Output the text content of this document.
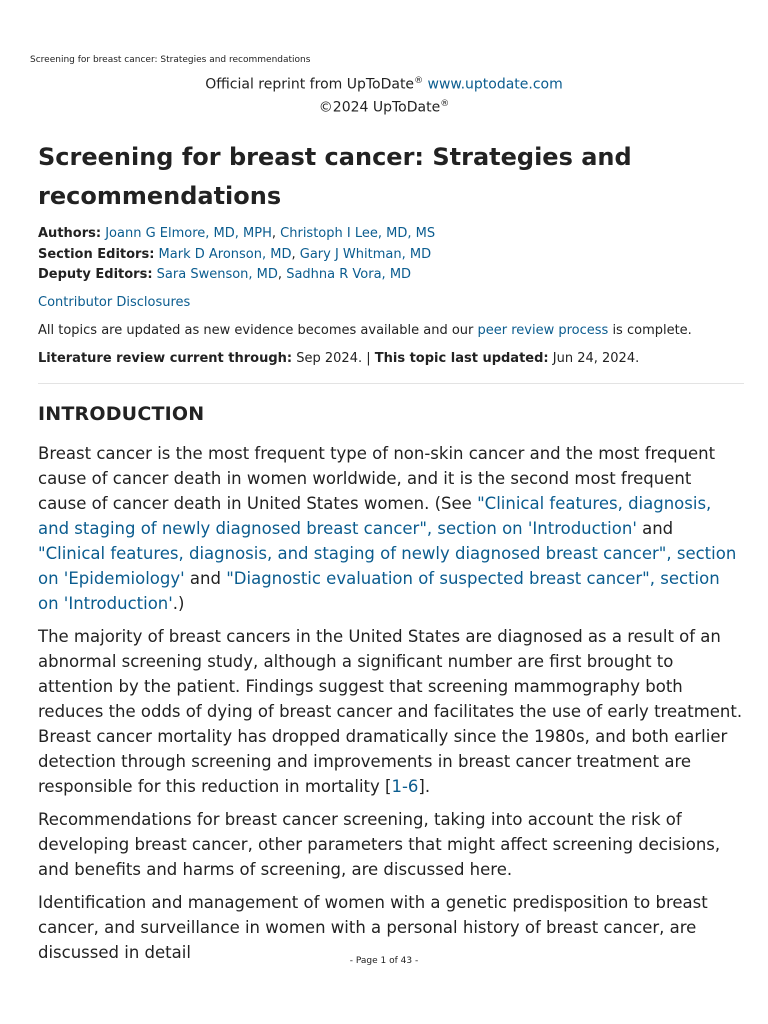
Screening for breast cancer: Strategies and recommendations
Official reprint from UpToDate® www.uptodate.com
©2024 UpToDate®
Screening for breast cancer: Strategies and recommendations
Authors: Joann G Elmore, MD, MPH, Christoph I Lee, MD, MS
Section Editors: Mark D Aronson, MD, Gary J Whitman, MD
Deputy Editors: Sara Swenson, MD, Sadhna R Vora, MD
Contributor Disclosures
All topics are updated as new evidence becomes available and our peer review process is complete.
Literature review current through: Sep 2024. | This topic last updated: Jun 24, 2024.
INTRODUCTION

Breast cancer is the most frequent type of non-skin cancer and the most frequent cause of cancer death in women worldwide, and it is the second most frequent cause of cancer death in United States women. (See "Clinical features, diagnosis, and staging of newly diagnosed breast cancer", section on 'Introduction' and "Clinical features, diagnosis, and staging of newly diagnosed breast cancer", section on 'Epidemiology' and "Diagnostic evaluation of suspected breast cancer", section on 'Introduction'.)

The majority of breast cancers in the United States are diagnosed as a result of an abnormal screening study, although a significant number are first brought to attention by the patient. Findings suggest that screening mammography both reduces the odds of dying of breast cancer and facilitates the use of early treatment. Breast cancer mortality has dropped dramatically since the 1980s, and both earlier detection through screening and improvements in breast cancer treatment are responsible for this reduction in mortality [1-6].

Recommendations for breast cancer screening, taking into account the risk of developing breast cancer, other parameters that might affect screening decisions, and benefits and harms of screening, are discussed here.

Identification and management of women with a genetic predisposition to breast cancer, and surveillance in women with a personal history of breast cancer, are discussed in detail	- Page 1 of 43 -
